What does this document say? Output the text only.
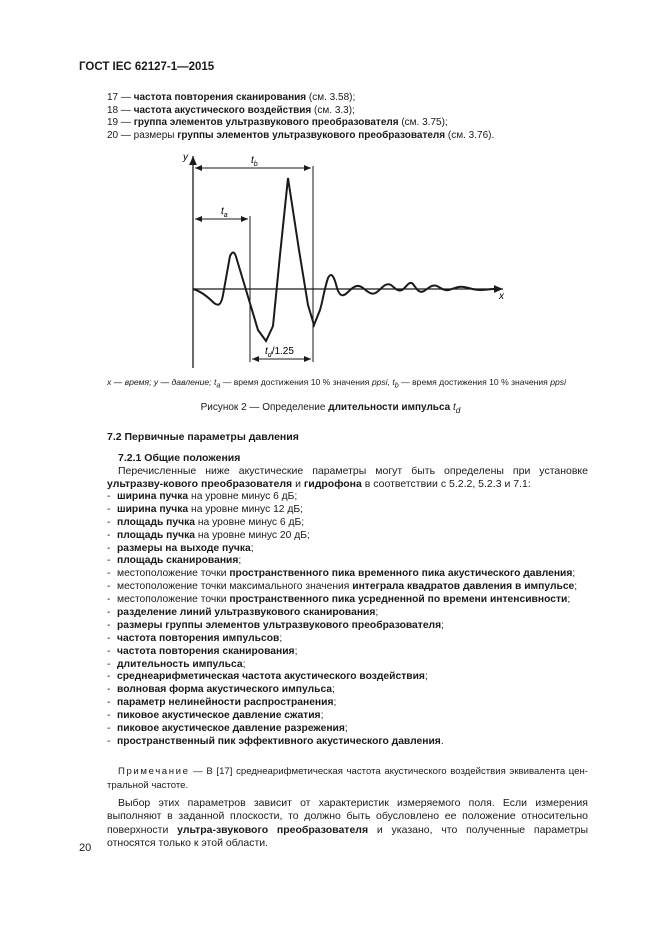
ГОСТ IEC 62127-1—2015
17 — частота повторения сканирования (см. 3.58);
18 — частота акустического воздействия (см. 3.3);
19 — группа элементов ультразвукового преобразователя (см. 3.75);
20 — размеры группы элементов ультразвукового преобразователя (см. 3.76).
y
x
$t_b$
$t_a$
$t_d/1.25$
x — время; y — давление; $t_a$ — время достижения 10 % значения ppsi, $t_b$ — время достижения 10 % значения ppsi
Рисунок 2 — Определение длительности импульса $t_d$
7.2 Первичные параметры давления
7.2.1 Общие положения
Перечисленные ниже акустические параметры могут быть определены при установке ультразву-кового преобразователя и гидрофона в соответствии с 5.2.2, 5.2.3 и 7.1:
- ширина пучка на уровне минус 6 дБ;
- ширина пучка на уровне минус 12 дБ;
- площадь пучка на уровне минус 6 дБ;
- площадь пучка на уровне минус 20 дБ;
- размеры на выходе пучка;
- площадь сканирования;
- местоположение точки пространственного пика временного пика акустического давления;
- местоположение точки максимального значения интеграла квадратов давления в импульсе;
- местоположение точки пространственного пика усредненной по времени интенсивности;
- разделение линий ультразвукового сканирования;
- размеры группы элементов ультразвукового преобразователя;
- частота повторения импульсов;
- частота повторения сканирования;
- длительность импульса;
- среднеарифметическая частота акустического воздействия;
- волновая форма акустического импульса;
- параметр нелинейности распространения;
- пиковое акустическое давление сжатия;
- пиковое акустическое давление разрежения;
- пространственный пик эффективного акустического давления.
Примечание — В [17] среднеарифметическая частота акустического воздействия эквивалента цен-тральной частоте.
Выбор этих параметров зависит от характеристик измеряемого поля. Если измерения выполняют в заданной плоскости, то должно быть обусловлено ее положение относительно поверхности ультра-звукового преобразователя и указано, что полученные параметры относятся только к этой области.
20
